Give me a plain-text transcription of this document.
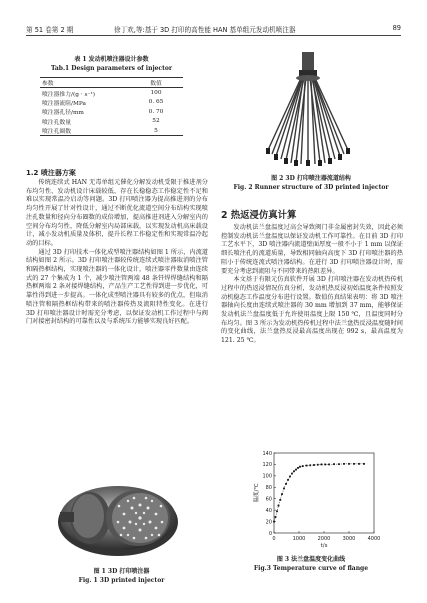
第 51 卷第 2 期	徐丁欢,等:基于 3D 打印的高性能 HAN 基单组元发动机喷注器	89
表 1 发动机喷注器设计参数
Tab.1 Design parameters of injector
参数	数值
喷注器推力/(g · s⁻¹)	100
喷注器流阻/MPa	0. 65
喷注器孔径/mm	0. 70
喷注孔数量	52
喷注孔圈数	5
1.2 喷注器方案

传统连续式 HAN 无毒单组元催化分解发动机受限于推进剂分布均匀性、发动机设计床载较低、存在长稳稳态工作稳定性不足和难以实现常温冷启动等问题。3D 打印喷注器为提高推进剂的分布均匀性开展了针对性设计，通过不断优化流道空间分布结构实现喷注孔数量和径向分布圈数的成倍增加，提高推进剂进入分解室内的空间分布均匀性，降低分解室内局部床载，以实现发动机高床载设计，减小发动机质量及体积，提升长程工作稳定性和实现常温冷起动的目标。

通过 3D 打印技术一体化成型喷注器结构如图 1 所示，内流道结构如图 2 所示。3D 打印喷注器较传统连续式喷注器取消喷注管和隔热框结构，实现喷注器的一体化设计，喷注器零件数量由连续式的 27 个集成为 1 个，减少喷注管两端 48 条钎焊焊缝结构和隔热框两端 2 条对接焊缝结构，产品生产工艺性得到进一步优化，可靠性得到进一步提高。一体化成型喷注器具有较多的优点，但取消喷注管和隔热框结构带来的喷注器传热及流阻特性变化。在进行 3D 打印喷注器设计时需充分考虑，以保证发动机工作过程中与阀门对接密封结构的可靠性以及与系统压力能够实现良好匹配。

图 1 3D 打印喷注器
Fig. 1 3D printed injector
图 2 3D 打印喷注器流道结构
Fig. 2 Runner structure of 3D printed injector
2 热返浸仿真计算

发动机法兰盘温度过高会导致阀门非金属密封失效，因此必须控制发动机法兰盘温度以保证发动机工作可靠性。在目前 3D 打印工艺水平下，3D 喷注器内流道壁面厚度一般不小于 1 mm 以保证细长喷注孔的流道质量，导致相同轴向高度下 3D 打印喷注器的热阻小于传统连流式喷注器结构。在进行 3D 打印喷注器设计时，需要充分考虑到流阻与不同带来的热阻差异。

本文基于有限元仿真软件开展 3D 打印喷注器在发动机热传机过程中的热返浸情况仿真分析，发动机热反浸初始温度条件按照发动机稳态工作温度分布进行设置。数值仿真结果表明：将 3D 喷注器轴向长度由连续式喷注器的 30 mm 增加到 37 mm，能够保证发动机法兰盘温度低于允许使用温度上限 150 ℃，且温度同时分布均匀。图 3 所示为发动机热传机过程中法兰盘热反浸温度随时间的变化曲线，法兰盘热反浸最高温度出现在 992 s，最高温度为 121. 25 ℃。

0	1000 2000 3000 4000
0
20
40
60
80
100
120
140
t/s
温度/℃
图 3 法兰盘温度变化曲线
Fig.3 Temperature curve of flange
